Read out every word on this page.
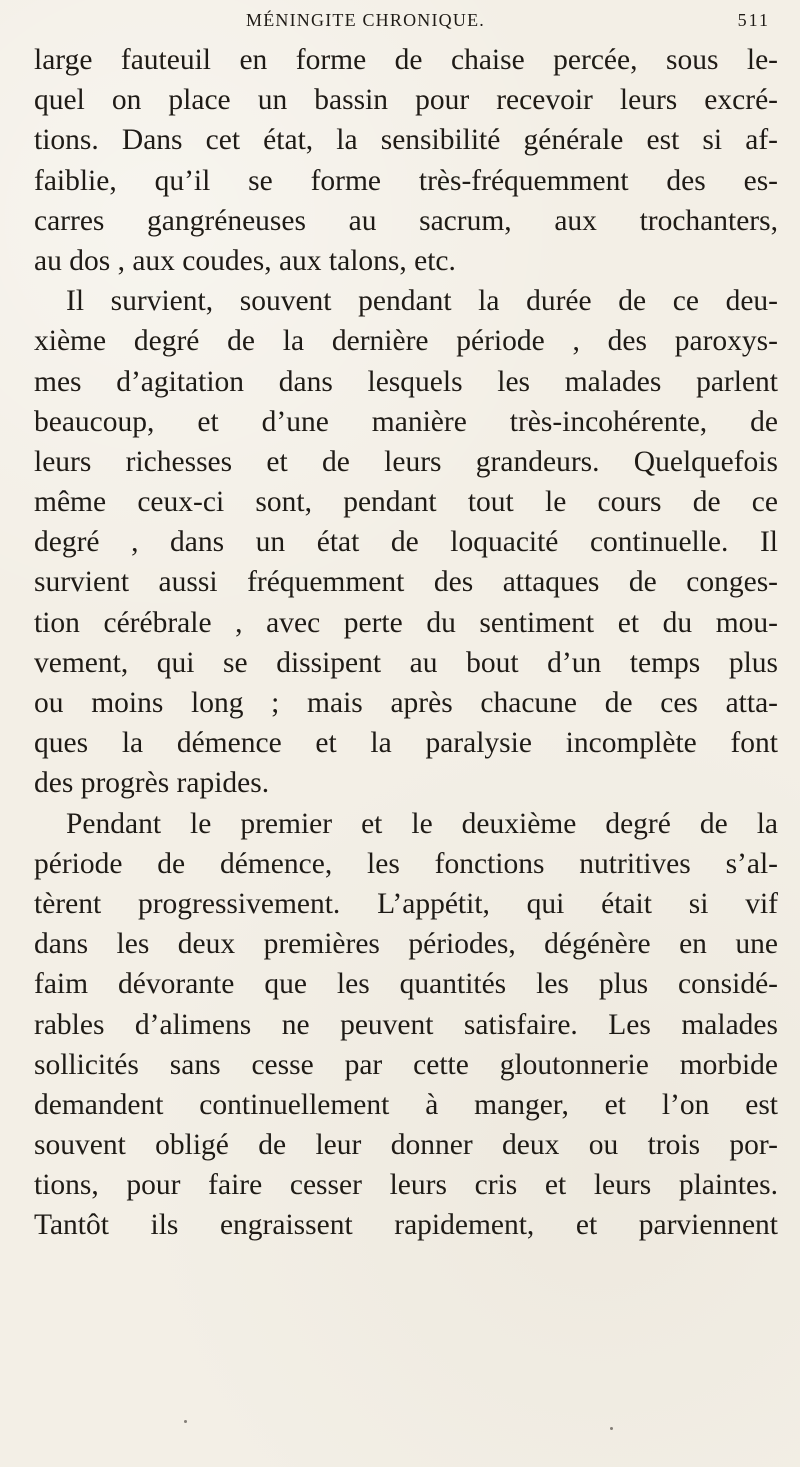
MÉNINGITE CHRONIQUE.	511
large fauteuil en forme de chaise percée, sous le-
quel on place un bassin pour recevoir leurs excré-
tions. Dans cet état, la sensibilité générale est si af-
faiblie, qu’il se forme très-fréquemment des es-
carres gangréneuses au sacrum, aux trochanters,
au dos , aux coudes, aux talons, etc.
Il survient, souvent pendant la durée de ce deu-
xième degré de la dernière période , des paroxys-
mes d’agitation dans lesquels les malades parlent
beaucoup, et d’une manière très-incohérente, de
leurs richesses et de leurs grandeurs. Quelquefois
même ceux-ci sont, pendant tout le cours de ce
degré , dans un état de loquacité continuelle. Il
survient aussi fréquemment des attaques de conges-
tion cérébrale , avec perte du sentiment et du mou-
vement, qui se dissipent au bout d’un temps plus
ou moins long ; mais après chacune de ces atta-
ques la démence et la paralysie incomplète font
des progrès rapides.
Pendant le premier et le deuxième degré de la
période de démence, les fonctions nutritives s’al-
tèrent progressivement. L’appétit, qui était si vif
dans les deux premières périodes, dégénère en une
faim dévorante que les quantités les plus considé-
rables d’alimens ne peuvent satisfaire. Les malades
sollicités sans cesse par cette gloutonnerie morbide
demandent continuellement à manger, et l’on est
souvent obligé de leur donner deux ou trois por-
tions, pour faire cesser leurs cris et leurs plaintes.
Tantôt ils engraissent rapidement, et parviennent
